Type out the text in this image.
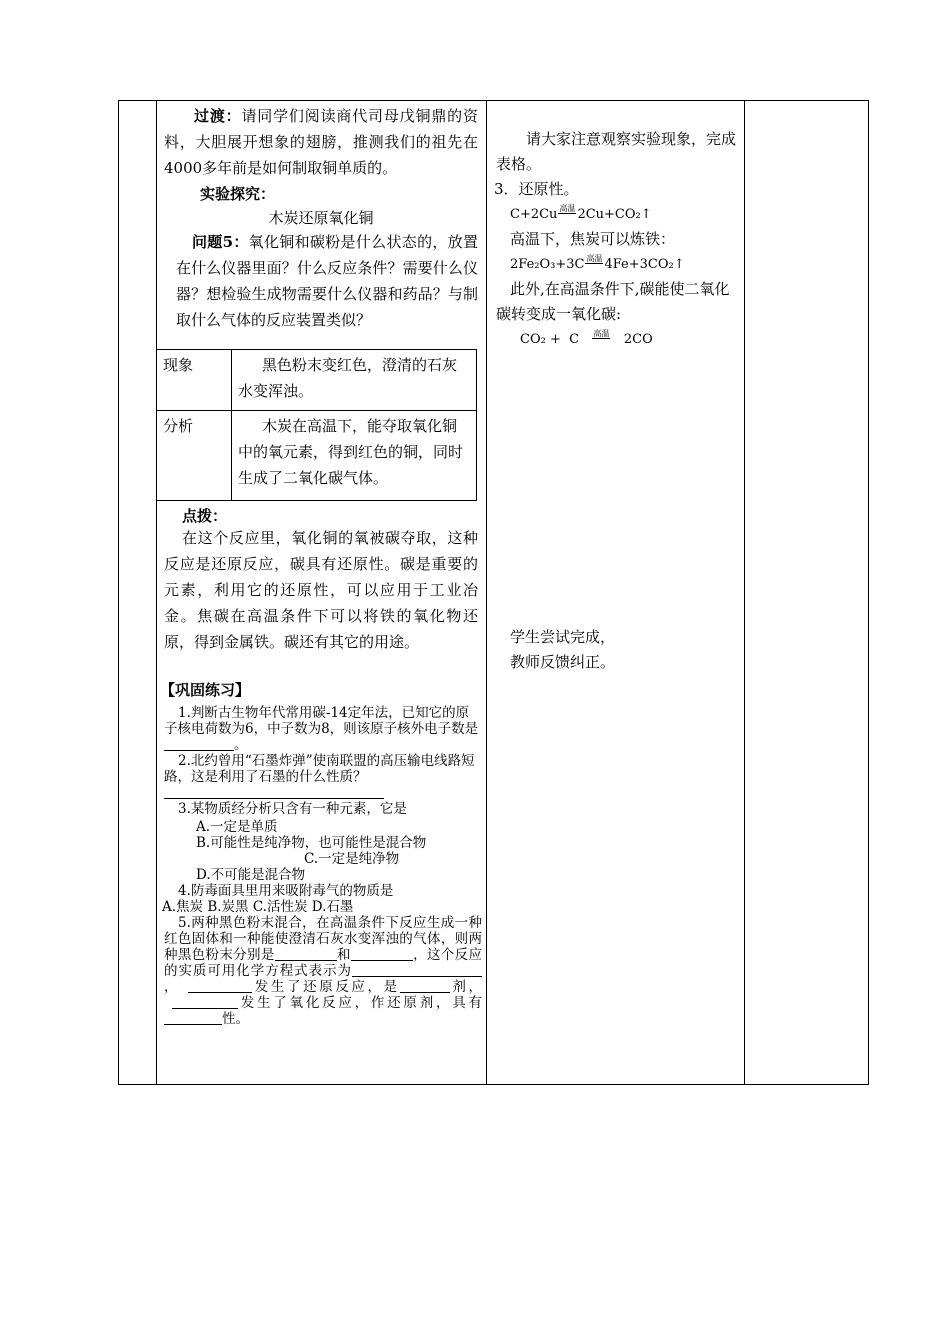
过渡：请同学们阅读商代司母戊铜鼎的资料，大胆展开想象的翅膀，推测我们的祖先在4000多年前是如何制取铜单质的。

实验探究：

木炭还原氧化铜

问题5：氧化铜和碳粉是什么状态的，放置在什么仪器里面？什么反应条件？需要什么仪器？想检验生成物需要什么仪器和药品？与制取什么气体的反应装置类似？

现象	黑色粉末变红色，澄清的石灰水变浑浊。
分析	木炭在高温下，能夺取氧化铜中的氧元素，得到红色的铜，同时生成了二氧化碳气体。

点拨：

在这个反应里，氧化铜的氧被碳夺取，这种反应是还原反应，碳具有还原性。碳是重要的元素，利用它的还原性，可以应用于工业冶金。焦碳在高温条件下可以将铁的氧化物还原，得到金属铁。碳还有其它的用途。

【巩固练习】

1.判断古生物年代常用碳-14定年法，已知它的原子核电荷数为6，中子数为8，则该原子核外电子数是。

2.北约曾用“石墨炸弹”使南联盟的高压输电线路短路，这是利用了石墨的什么性质？

3.某物质经分析只含有一种元素，它是

A.一定是单质

B.可能性是纯净物，也可能性是混合物

C.一定是纯净物

D.不可能是混合物

4.防毒面具里用来吸附毒气的物质是

A.焦炭 B.炭黑 C.活性炭 D.石墨

5.两种黑色粉末混合，在高温条件下反应生成一种红色固体和一种能使澄清石灰水变浑浊的气体，则两种黑色粉末分别是	和	，这个反应的实质可用化学方程式表示为，	发生了还原反应，是	剂，发生了氧化反应，作还原剂，具有性。

请大家注意观察实验现象，完成表格。

3．还原性。

C+2Cu 高温 2Cu+CO₂↑

高温下，焦炭可以炼铁：

2Fe₂O₃+3C 高温 4Fe+3CO₂↑

此外,在高温条件下,碳能使二氧化碳转变成一氧化碳:

CO₂ +  C 高温 2CO

学生尝试完成，

教师反馈纠正。
